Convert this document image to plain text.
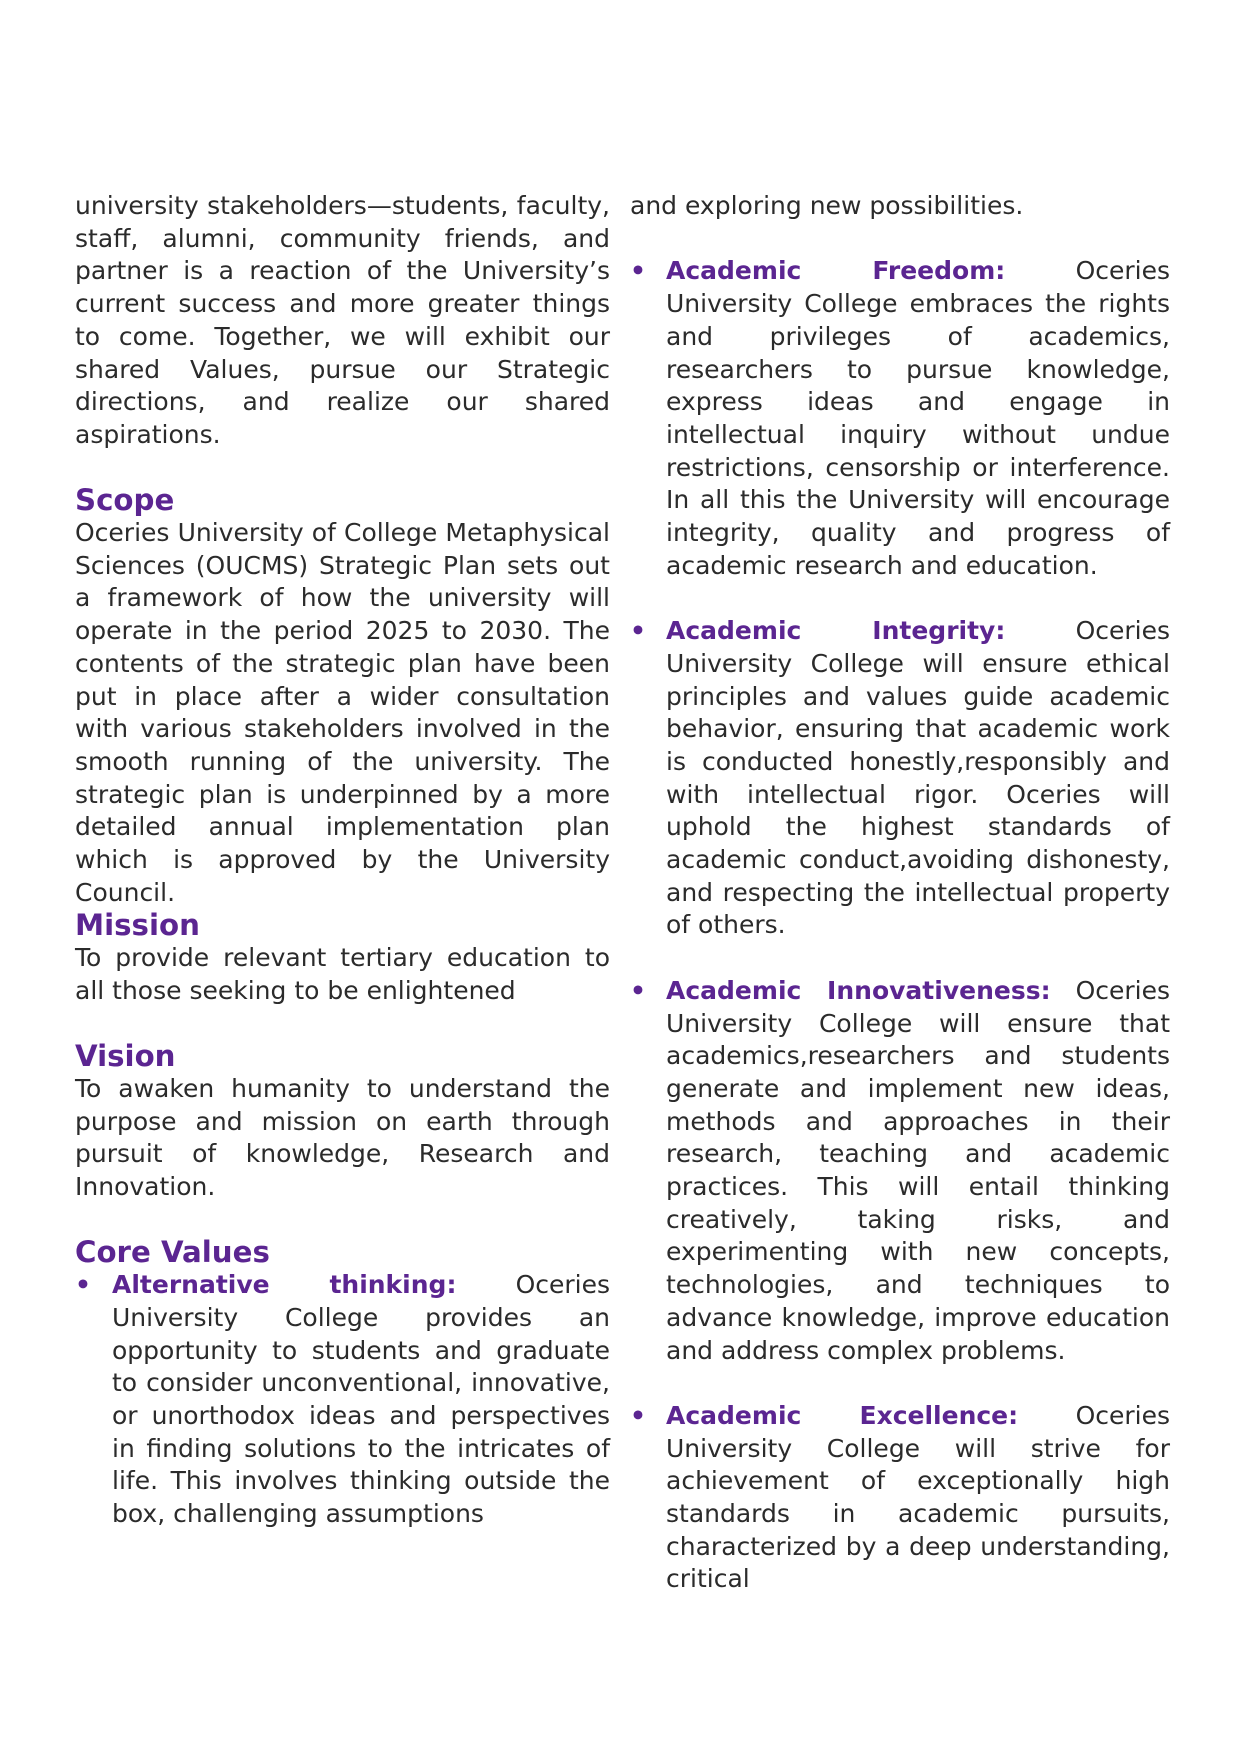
university stakeholders—students, faculty, staff, alumni, community friends, and partner is a reaction of the University’s current success and more greater things to come. Together, we will exhibit our shared Values, pursue our Strategic directions, and realize our shared aspirations.

Scope

Oceries University of College Metaphysical Sciences (OUCMS) Strategic Plan sets out a framework of how the university will operate in the period 2025 to 2030. The contents of the strategic plan have been put in place after a wider consultation with various stakeholders involved in the smooth running of the university. The strategic plan is underpinned by a more detailed annual implementation plan which is approved by the University Council.

Mission

To provide relevant tertiary education to all those seeking to be enlightened

Vision

To awaken humanity to understand the purpose and mission on earth through pursuit of knowledge, Research and Innovation.

Core Values
• Alternative thinking: Oceries University College provides an opportunity to students and graduate to consider unconventional, innovative, or unorthodox ideas and perspectives in finding solutions to the intricates of life. This involves thinking outside the box, challenging assumptions

and exploring new possibilities.

• Academic Freedom:	Oceries University College embraces the rights and privileges of academics, researchers to pursue knowledge, express ideas and engage in intellectual inquiry without undue restrictions, censorship or interference. In all this the University will encourage integrity, quality and progress of academic research and education.

• Academic Integrity:	Oceries University College will ensure ethical principles and values guide academic behavior, ensuring that academic work is conducted honestly,responsibly and with intellectual rigor. Oceries will uphold the highest standards of academic conduct,avoiding dishonesty, and respecting the intellectual property of others.

• Academic Innovativeness: Oceries University College will ensure that academics,researchers and students generate and implement new ideas, methods and approaches in their research, teaching and academic practices. This will entail thinking creatively, taking risks, and experimenting with new concepts, technologies, and techniques to advance knowledge, improve education and address complex problems.

• Academic Excellence: Oceries University College will strive for achievement of exceptionally high standards in academic pursuits, characterized by a deep understanding, critical
